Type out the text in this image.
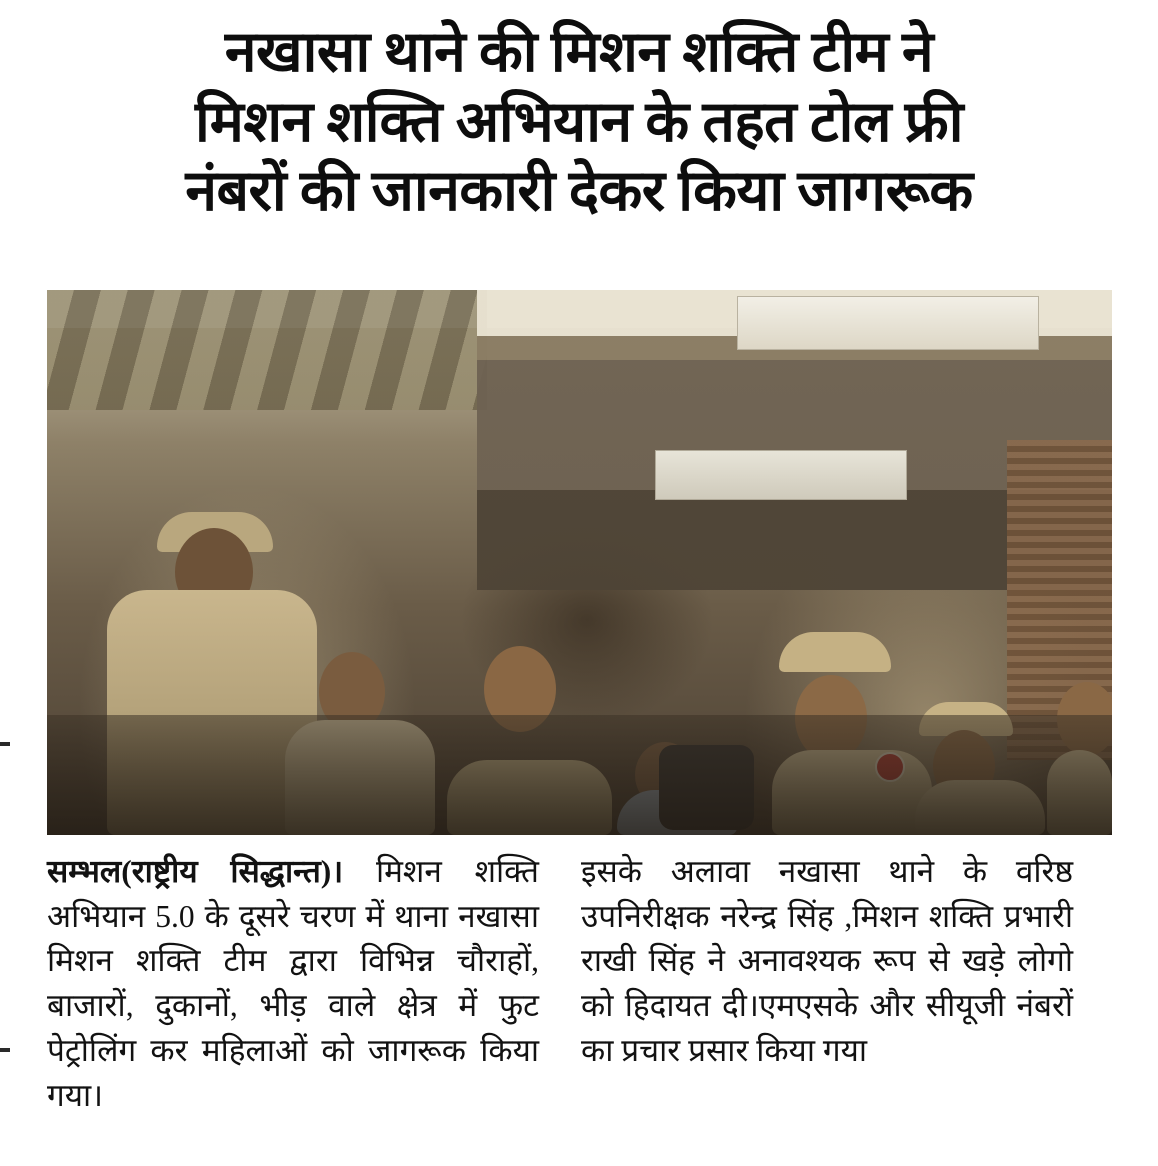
नखासा थाने की मिशन शक्ति टीम ने
मिशन शक्ति अभियान के तहत टोल फ्री
नंबरों की जानकारी देकर किया जागरूक

सम्भल(राष्ट्रीय सिद्धान्त)। मिशन शक्ति अभियान 5.0 के दूसरे चरण में थाना नखासा मिशन शक्ति टीम द्वारा विभिन्न चौराहों, बाजारों, दुकानों, भीड़ वाले क्षेत्र में फुट पेट्रोलिंग कर महिलाओं को जागरूक किया गया।

इसके अलावा नखासा थाने के वरिष्ठ उपनिरीक्षक नरेन्द्र सिंह ,मिशन शक्ति प्रभारी राखी सिंह ने अनावश्यक रूप से खड़े लोगो को हिदायत दी।एमएसके और सीयूजी नंबरों का प्रचार प्रसार किया गया
